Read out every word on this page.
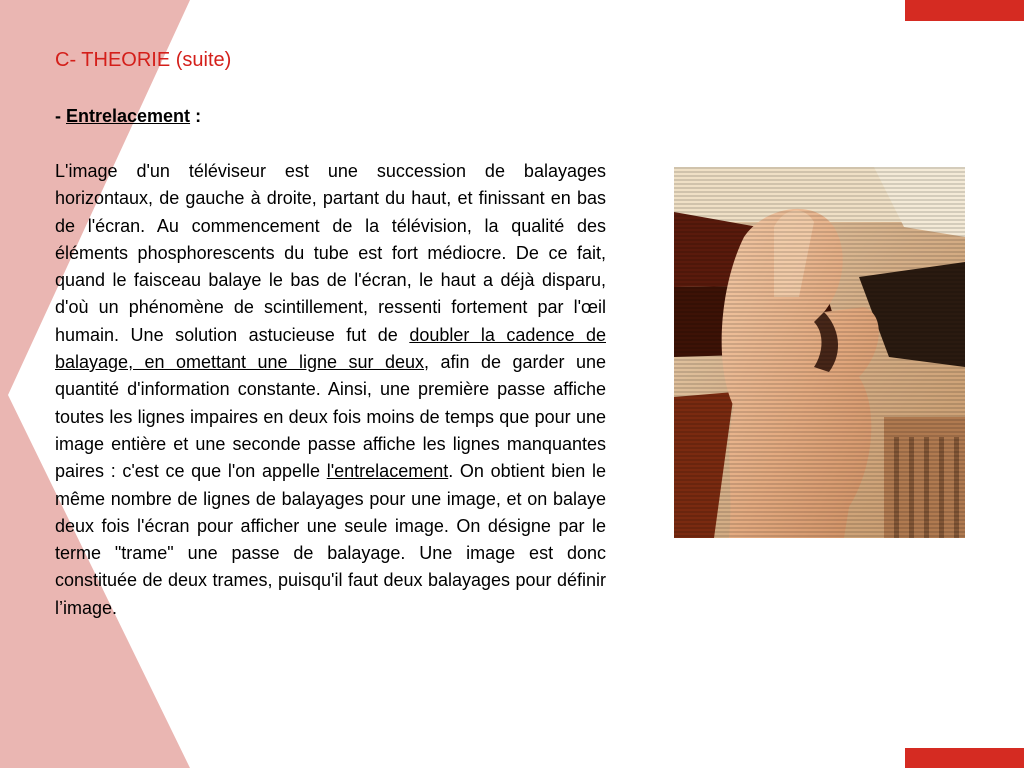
C- THEORIE (suite)
- Entrelacement :

L'image d'un téléviseur est une succession de balayages horizontaux, de gauche à droite, partant du haut, et finissant en bas de l'écran. Au commencement de la télévision, la qualité des éléments phosphorescents du tube est fort médiocre. De ce fait, quand le faisceau balaye le bas de l'écran, le haut a déjà disparu, d'où un phénomène de scintillement, ressenti fortement par l'œil humain. Une solution astucieuse fut de doubler la cadence de balayage, en omettant une ligne sur deux, afin de garder une quantité d'information constante. Ainsi, une première passe affiche toutes les lignes impaires en deux fois moins de temps que pour une image entière et une seconde passe affiche les lignes manquantes paires : c'est ce que l'on appelle l'entrelacement. On obtient bien le même nombre de lignes de balayages pour une image, et on balaye deux fois l'écran pour afficher une seule image. On désigne par le terme "trame" une passe de balayage. Une image est donc constituée de deux trames, puisqu'il faut deux balayages pour définir l’image.
